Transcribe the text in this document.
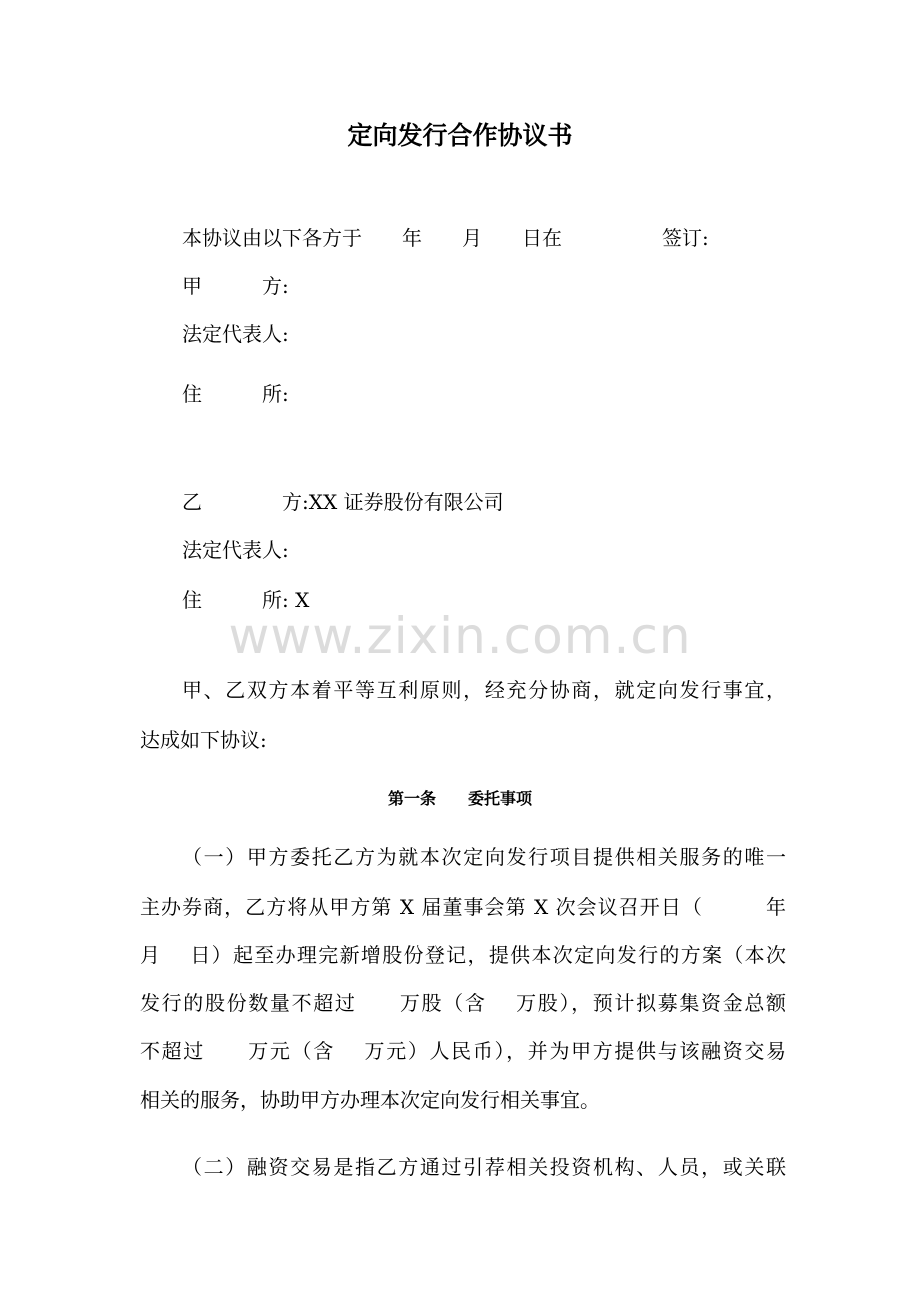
定向发行合作协议书
本协议由以下各方于　　年　　月　　日在　　　　　签订:
甲　　　方:
法定代表人:
住　　　所:
乙　　　　方:XX 证券股份有限公司
法定代表人:
住　　　所: X
www.zixin.com.cn
甲、乙双方本着平等互利原则，经充分协商，就定向发行事宜，
达成如下协议:
第一条　　委托事项
（一）甲方委托乙方为就本次定向发行项目提供相关服务的唯一
主办券商，乙方将从甲方第 X 届董事会第 X 次会议召开日（　　　年
月　 日）起至办理完新增股份登记，提供本次定向发行的方案（本次
发行的股份数量不超过　　万股（含　 万股），预计拟募集资金总额
不超过　　万元（含　 万元）人民币），并为甲方提供与该融资交易
相关的服务，协助甲方办理本次定向发行相关事宜。
（二）融资交易是指乙方通过引荐相关投资机构、人员，或关联
